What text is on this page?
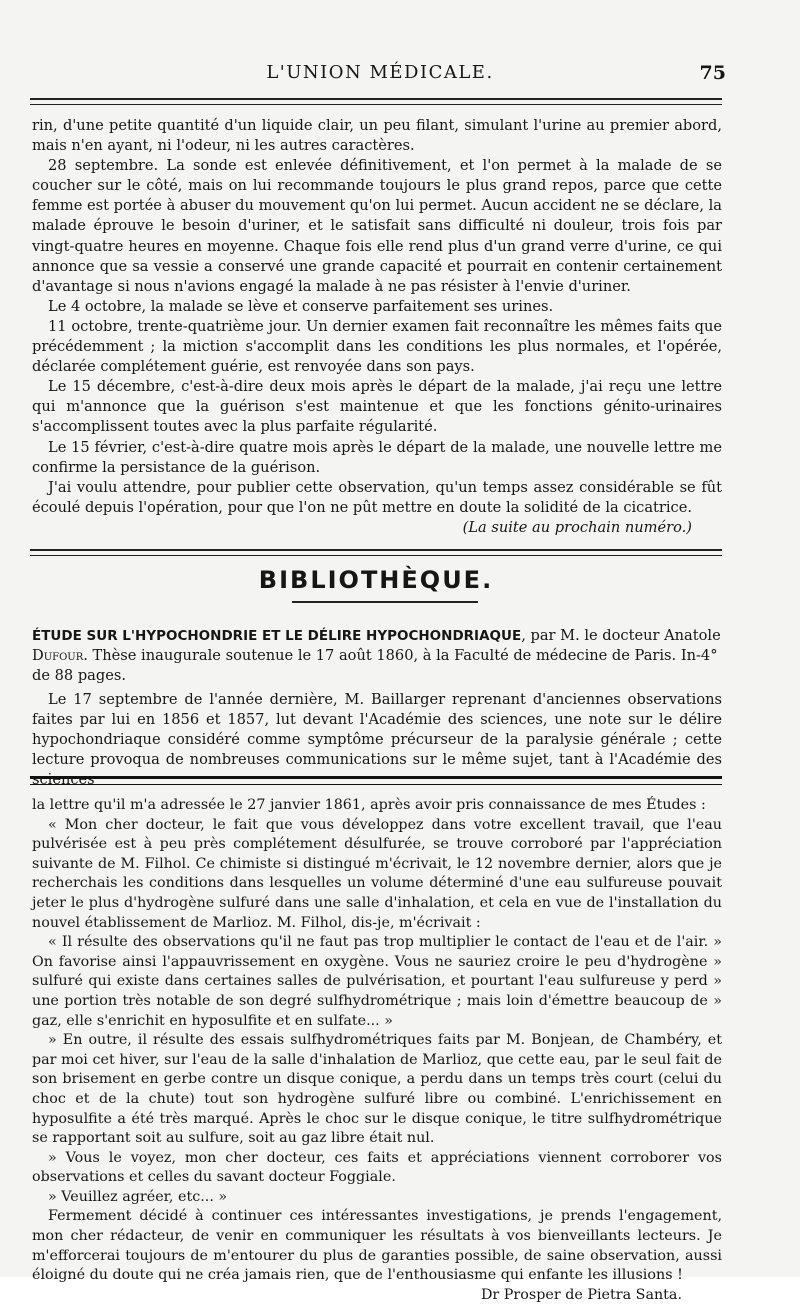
L'UNION MÉDICALE.	75

rin, d'une petite quantité d'un liquide clair, un peu filant, simulant l'urine au premier abord, mais n'en ayant, ni l'odeur, ni les autres caractères.

28 septembre. La sonde est enlevée définitivement, et l'on permet à la malade de se coucher sur le côté, mais on lui recommande toujours le plus grand repos, parce que cette femme est portée à abuser du mouvement qu'on lui permet. Aucun accident ne se déclare, la malade éprouve le besoin d'uriner, et le satisfait sans difficulté ni douleur, trois fois par vingt-quatre heures en moyenne. Chaque fois elle rend plus d'un grand verre d'urine, ce qui annonce que sa vessie a conservé une grande capacité et pourrait en contenir certainement d'avantage si nous n'avions engagé la malade à ne pas résister à l'envie d'uriner.

Le 4 octobre, la malade se lève et conserve parfaitement ses urines.

11 octobre, trente-quatrième jour. Un dernier examen fait reconnaître les mêmes faits que précédemment ; la miction s'accomplit dans les conditions les plus normales, et l'opérée, déclarée complétement guérie, est renvoyée dans son pays.

Le 15 décembre, c'est-à-dire deux mois après le départ de la malade, j'ai reçu une lettre qui m'annonce que la guérison s'est maintenue et que les fonctions génito-urinaires s'accomplissent toutes avec la plus parfaite régularité.

Le 15 février, c'est-à-dire quatre mois après le départ de la malade, une nouvelle lettre me confirme la persistance de la guérison.

J'ai voulu attendre, pour publier cette observation, qu'un temps assez considérable se fût écoulé depuis l'opération, pour que l'on ne pût mettre en doute la solidité de la cicatrice.

(La suite au prochain numéro.)

BIBLIOTHÈQUE.
ÉTUDE SUR L'HYPOCHONDRIE ET LE DÉLIRE HYPOCHONDRIAQUE, par M. le docteur Anatole Dufour. Thèse inaugurale soutenue le 17 août 1860, à la Faculté de médecine de Paris. In-4° de 88 pages.

Le 17 septembre de l'année dernière, M. Baillarger reprenant d'anciennes observations faites par lui en 1856 et 1857, lut devant l'Académie des sciences, une note sur le délire hypochondriaque considéré comme symptôme précurseur de la paralysie générale ; cette lecture provoqua de nombreuses communications sur le même sujet, tant à l'Académie des sciences

la lettre qu'il m'a adressée le 27 janvier 1861, après avoir pris connaissance de mes Études :

« Mon cher docteur, le fait que vous développez dans votre excellent travail, que l'eau pulvérisée est à peu près complétement désulfurée, se trouve corroboré par l'appréciation suivante de M. Filhol. Ce chimiste si distingué m'écrivait, le 12 novembre dernier, alors que je recherchais les conditions dans lesquelles un volume déterminé d'une eau sulfureuse pouvait jeter le plus d'hydrogène sulfuré dans une salle d'inhalation, et cela en vue de l'installation du nouvel établissement de Marlioz. M. Filhol, dis-je, m'écrivait :

« Il résulte des observations qu'il ne faut pas trop multiplier le contact de l'eau et de l'air. » On favorise ainsi l'appauvrissement en oxygène. Vous ne sauriez croire le peu d'hydrogène » sulfuré qui existe dans certaines salles de pulvérisation, et pourtant l'eau sulfureuse y perd » une portion très notable de son degré sulfhydrométrique ; mais loin d'émettre beaucoup de » gaz, elle s'enrichit en hyposulfite et en sulfate... »

» En outre, il résulte des essais sulfhydrométriques faits par M. Bonjean, de Chambéry, et par moi cet hiver, sur l'eau de la salle d'inhalation de Marlioz, que cette eau, par le seul fait de son brisement en gerbe contre un disque conique, a perdu dans un temps très court (celui du choc et de la chute) tout son hydrogène sulfuré libre ou combiné. L'enrichissement en hyposulfite a été très marqué. Après le choc sur le disque conique, le titre sulfhydrométrique se rapportant soit au sulfure, soit au gaz libre était nul.

» Vous le voyez, mon cher docteur, ces faits et appréciations viennent corroborer vos observations et celles du savant docteur Foggiale.

» Veuillez agréer, etc... »

Fermement décidé à continuer ces intéressantes investigations, je prends l'engagement, mon cher rédacteur, de venir en communiquer les résultats à vos bienveillants lecteurs. Je m'efforcerai toujours de m'entourer du plus de garanties possible, de saine observation, aussi éloigné du doute qui ne créa jamais rien, que de l'enthousiasme qui enfante les illusions !

Dr Prosper de Pietra Santa.
